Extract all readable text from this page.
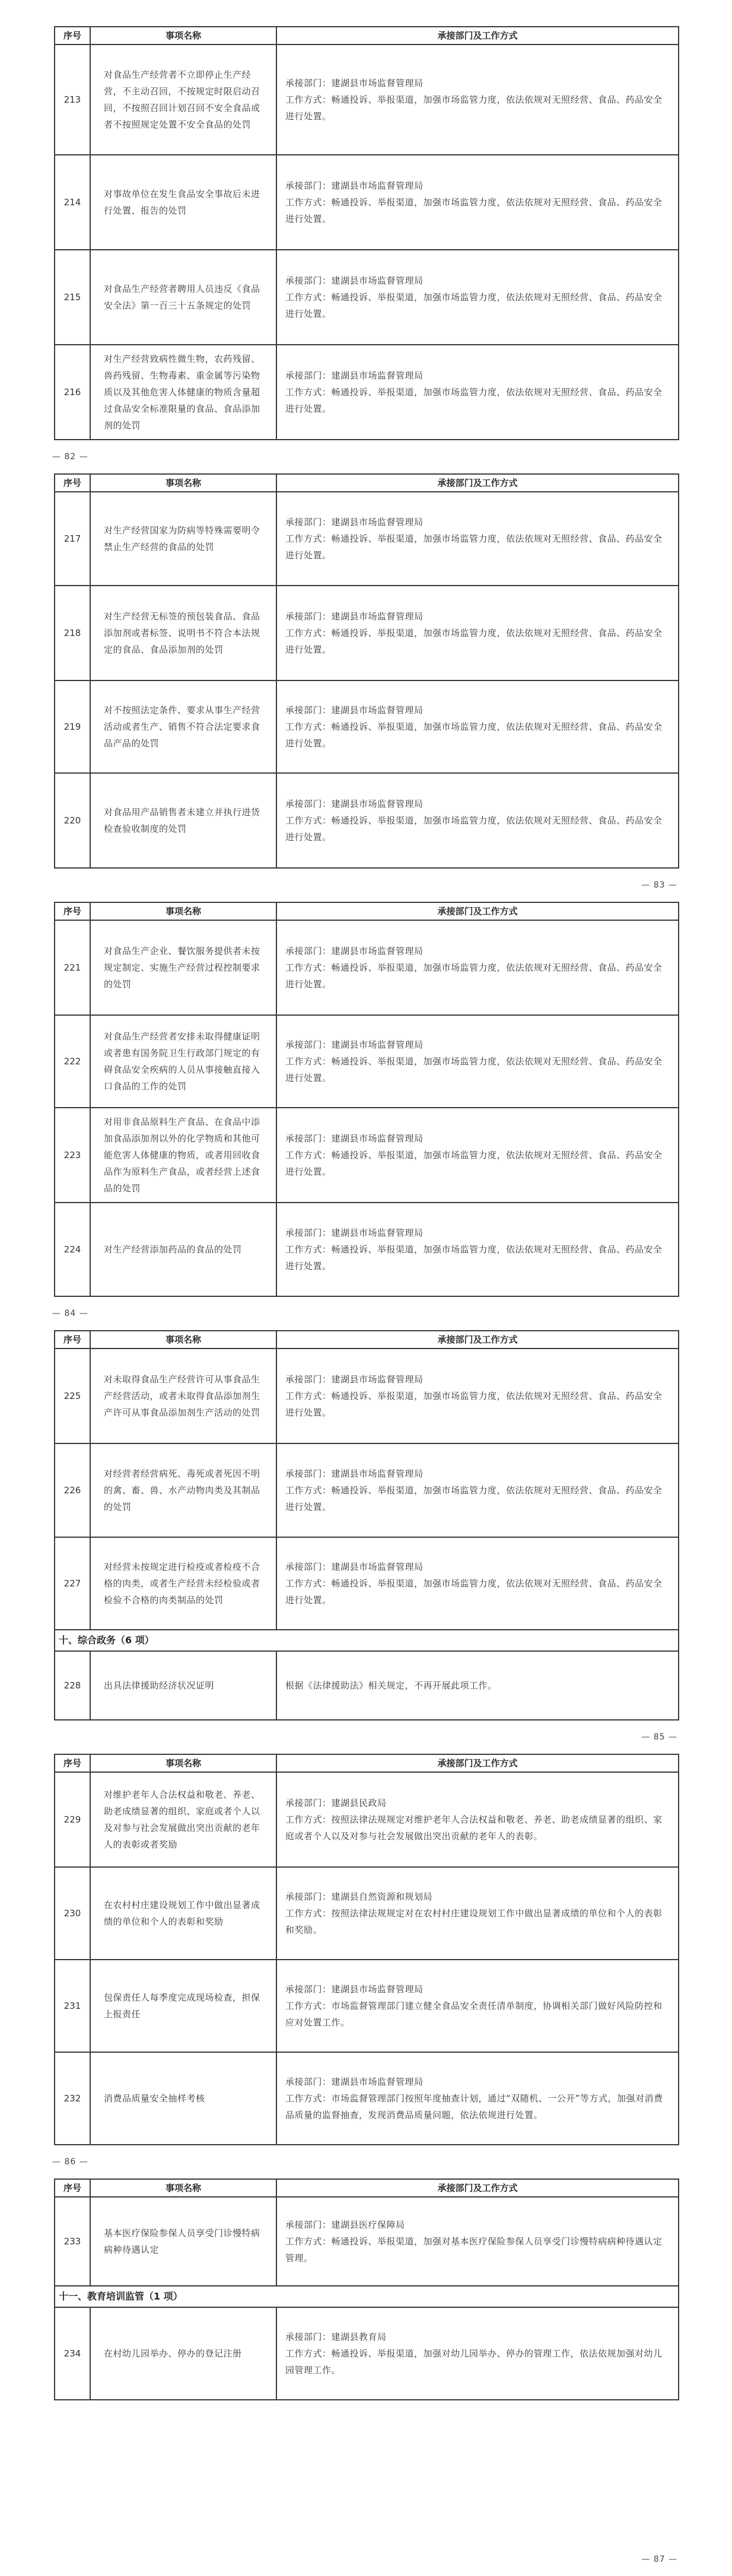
序号	事项名称	承接部门及工作方式
213	对食品生产经营者不立即停止生产经营，不主动召回，不按规定时限启动召回，不按照召回计划召回不安全食品或者不按照规定处置不安全食品的处罚	承接部门：建湖县市场监督管理局
工作方式：畅通投诉、举报渠道，加强市场监管力度，依法依规对无照经营、食品、药品安全进行处置。

214	对事故单位在发生食品安全事故后未进行处置、报告的处罚	承接部门：建湖县市场监督管理局
工作方式：畅通投诉、举报渠道，加强市场监管力度，依法依规对无照经营、食品、药品安全进行处置。

215	对食品生产经营者聘用人员违反《食品安全法》第一百三十五条规定的处罚	承接部门：建湖县市场监督管理局
工作方式：畅通投诉、举报渠道，加强市场监管力度，依法依规对无照经营、食品、药品安全进行处置。

216	对生产经营致病性微生物，农药残留、兽药残留、生物毒素、重金属等污染物质以及其他危害人体健康的物质含量超过食品安全标准限量的食品、食品添加剂的处罚	承接部门：建湖县市场监督管理局
工作方式：畅通投诉、举报渠道，加强市场监管力度，依法依规对无照经营、食品、药品安全进行处置。
— 82 —
序号	事项名称	承接部门及工作方式
217	对生产经营国家为防病等特殊需要明令禁止生产经营的食品的处罚	承接部门：建湖县市场监督管理局
工作方式：畅通投诉、举报渠道，加强市场监管力度，依法依规对无照经营、食品、药品安全进行处置。

218	对生产经营无标签的预包装食品、食品添加剂或者标签、说明书不符合本法规定的食品、食品添加剂的处罚	承接部门：建湖县市场监督管理局
工作方式：畅通投诉、举报渠道，加强市场监管力度，依法依规对无照经营、食品、药品安全进行处置。

219	对不按照法定条件、要求从事生产经营活动或者生产、销售不符合法定要求食品产品的处罚	承接部门：建湖县市场监督管理局
工作方式：畅通投诉、举报渠道，加强市场监管力度，依法依规对无照经营、食品、药品安全进行处置。

220	对食品用产品销售者未建立并执行进货检查验收制度的处罚	承接部门：建湖县市场监督管理局
工作方式：畅通投诉、举报渠道，加强市场监管力度，依法依规对无照经营、食品、药品安全进行处置。
— 83 —
序号	事项名称	承接部门及工作方式
221	对食品生产企业、餐饮服务提供者未按规定制定、实施生产经营过程控制要求的处罚	承接部门：建湖县市场监督管理局
工作方式：畅通投诉、举报渠道，加强市场监管力度，依法依规对无照经营、食品、药品安全进行处置。

222	对食品生产经营者安排未取得健康证明或者患有国务院卫生行政部门规定的有碍食品安全疾病的人员从事接触直接入口食品的工作的处罚	承接部门：建湖县市场监督管理局
工作方式：畅通投诉、举报渠道，加强市场监管力度，依法依规对无照经营、食品、药品安全进行处置。

223	对用非食品原料生产食品、在食品中添加食品添加剂以外的化学物质和其他可能危害人体健康的物质，或者用回收食品作为原料生产食品，或者经营上述食品的处罚	承接部门：建湖县市场监督管理局
工作方式：畅通投诉、举报渠道，加强市场监管力度，依法依规对无照经营、食品、药品安全进行处置。

224	对生产经营添加药品的食品的处罚	承接部门：建湖县市场监督管理局
工作方式：畅通投诉、举报渠道，加强市场监管力度，依法依规对无照经营、食品、药品安全进行处置。
— 84 —
序号	事项名称	承接部门及工作方式
225	对未取得食品生产经营许可从事食品生产经营活动，或者未取得食品添加剂生产许可从事食品添加剂生产活动的处罚	承接部门：建湖县市场监督管理局
工作方式：畅通投诉、举报渠道，加强市场监管力度，依法依规对无照经营、食品、药品安全进行处置。

226	对经营者经营病死、毒死或者死因不明的禽、畜、兽、水产动物肉类及其制品的处罚	承接部门：建湖县市场监督管理局
工作方式：畅通投诉、举报渠道，加强市场监管力度，依法依规对无照经营、食品、药品安全进行处置。

227	对经营未按规定进行检疫或者检疫不合格的肉类，或者生产经营未经检验或者检验不合格的肉类制品的处罚	承接部门：建湖县市场监督管理局
工作方式：畅通投诉、举报渠道，加强市场监管力度，依法依规对无照经营、食品、药品安全进行处置。

十、综合政务（6 项）		
228	出具法律援助经济状况证明	根据《法律援助法》相关规定，不再开展此项工作。
— 85 —
序号	事项名称	承接部门及工作方式
229	对维护老年人合法权益和敬老、养老、助老成绩显著的组织、家庭或者个人以及对参与社会发展做出突出贡献的老年人的表彰或者奖励	承接部门：建湖县民政局
工作方式：按照法律法规规定对维护老年人合法权益和敬老、养老、助老成绩显著的组织、家庭或者个人以及对参与社会发展做出突出贡献的老年人的表彰。

230	在农村村庄建设规划工作中做出显著成绩的单位和个人的表彰和奖励	承接部门：建湖县自然资源和规划局
工作方式：按照法律法规规定对在农村村庄建设规划工作中做出显著成绩的单位和个人的表彰和奖励。

231	包保责任人每季度完成现场检查，担保上报责任	承接部门：建湖县市场监督管理局
工作方式：市场监督管理部门建立健全食品安全责任清单制度，协调相关部门做好风险防控和应对处置工作。

232	消费品质量安全抽样考核	承接部门：建湖县市场监督管理局
工作方式：市场监督管理部门按照年度抽查计划，通过“双随机、一公开”等方式，加强对消费品质量的监督抽查，发现消费品质量问题，依法依规进行处置。
— 86 —
序号	事项名称	承接部门及工作方式
233	基本医疗保险参保人员享受门诊慢特病病种待遇认定	承接部门：建湖县医疗保障局
工作方式：畅通投诉、举报渠道，加强对基本医疗保险参保人员享受门诊慢特病病种待遇认定管理。

十一、教育培训监管（1 项）		
234	在村幼儿园举办、停办的登记注册	承接部门：建湖县教育局
工作方式：畅通投诉、举报渠道，加强对幼儿园举办、停办的管理工作，依法依规加强对幼儿园管理工作。
— 87 —
